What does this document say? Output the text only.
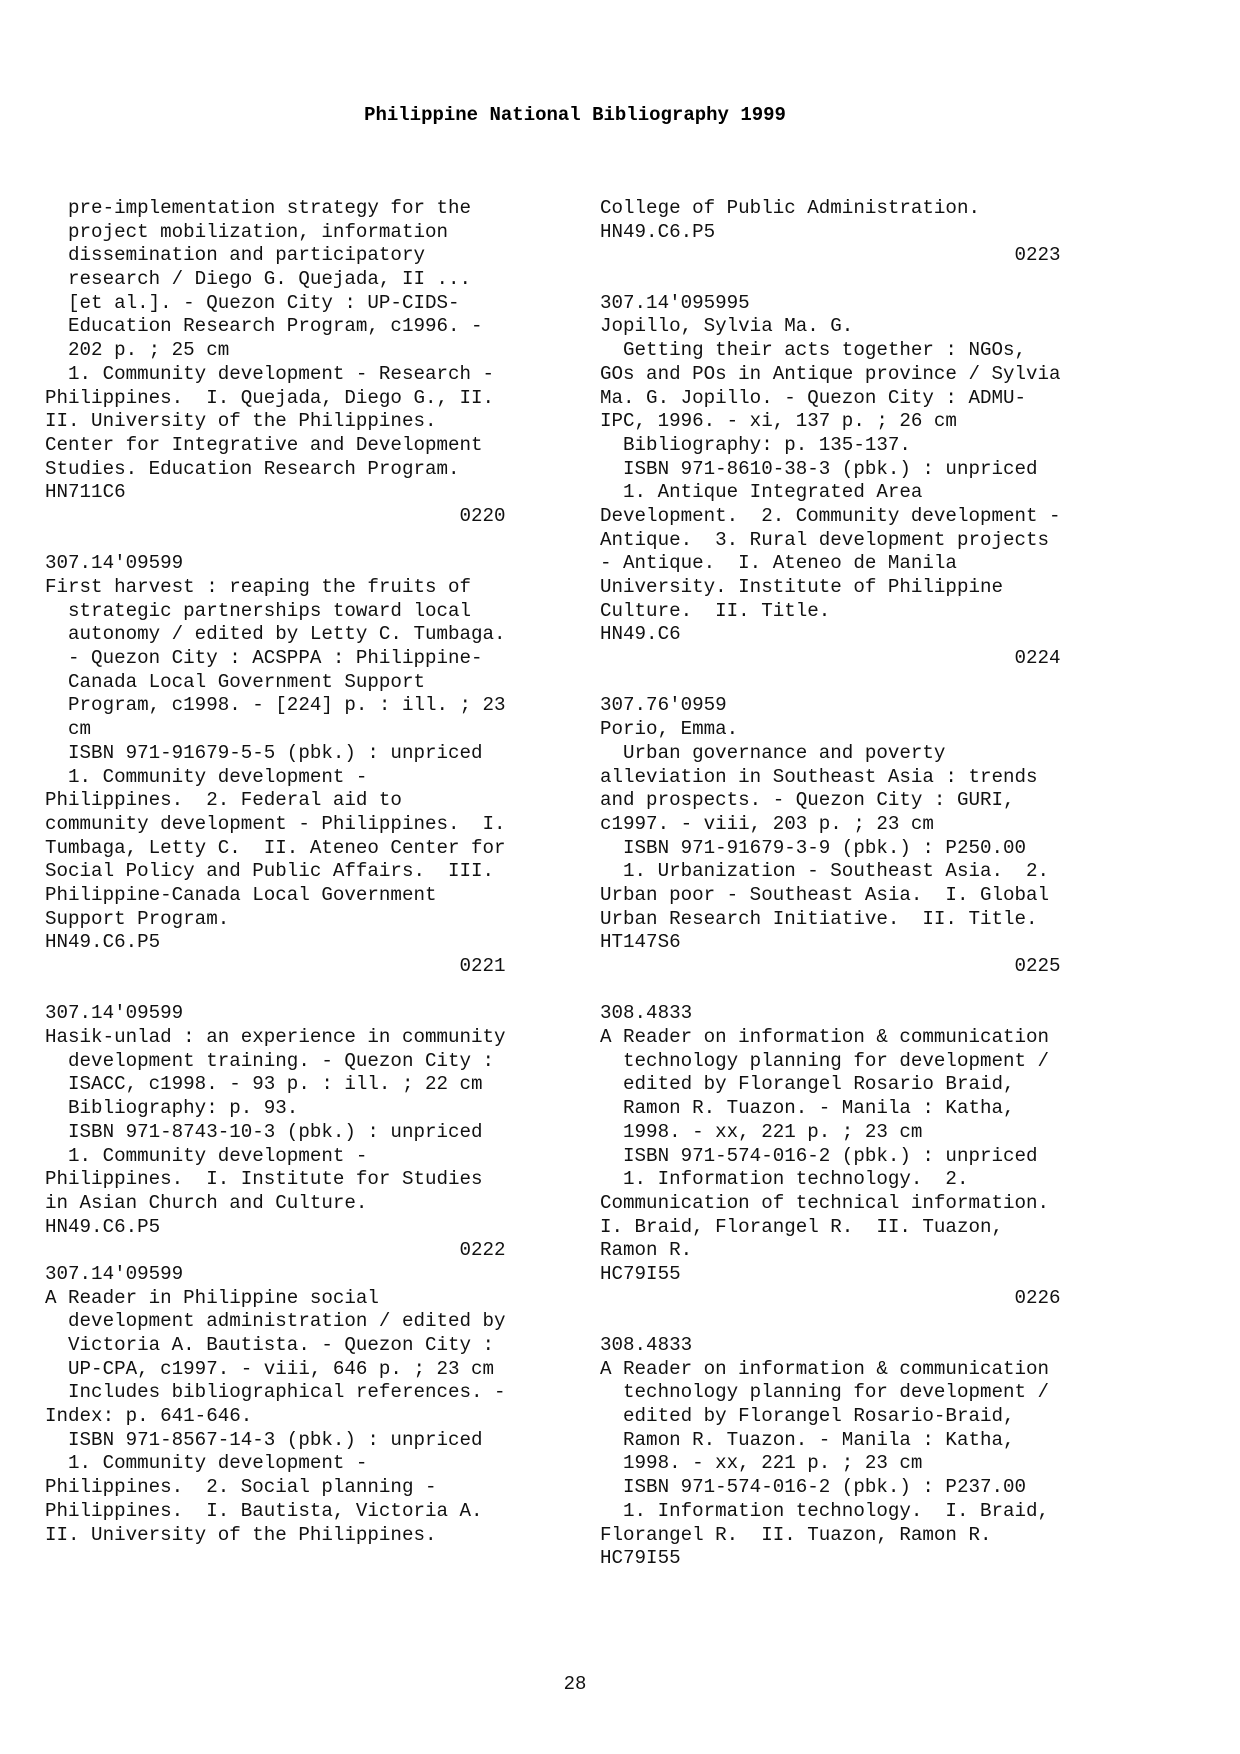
Philippine National Bibliography 1999
pre-implementation strategy for the
project mobilization, information
dissemination and participatory
research / Diego G. Quejada, II ...
[et al.]. - Quezon City : UP-CIDS-
Education Research Program, c1996. -
202 p. ; 25 cm
1. Community development - Research -
Philippines.  I. Quejada, Diego G., II.
II. University of the Philippines.
Center for Integrative and Development
Studies. Education Research Program.
HN711C6
0220
307.14'09599
First harvest : reaping the fruits of
strategic partnerships toward local
autonomy / edited by Letty C. Tumbaga.
- Quezon City : ACSPPA : Philippine-
Canada Local Government Support
Program, c1998. - [224] p. : ill. ; 23
cm
ISBN 971-91679-5-5 (pbk.) : unpriced
1. Community development -
Philippines.  2. Federal aid to
community development - Philippines.  I.
Tumbaga, Letty C.  II. Ateneo Center for
Social Policy and Public Affairs.  III.
Philippine-Canada Local Government
Support Program.
HN49.C6.P5
0221
307.14'09599
Hasik-unlad : an experience in community
development training. - Quezon City :
ISACC, c1998. - 93 p. : ill. ; 22 cm
Bibliography: p. 93.
ISBN 971-8743-10-3 (pbk.) : unpriced
1. Community development -
Philippines.  I. Institute for Studies
in Asian Church and Culture.
HN49.C6.P5
0222
307.14'09599
A Reader in Philippine social
development administration / edited by
Victoria A. Bautista. - Quezon City :
UP-CPA, c1997. - viii, 646 p. ; 23 cm
Includes bibliographical references. -
Index: p. 641-646.
ISBN 971-8567-14-3 (pbk.) : unpriced
1. Community development -
Philippines.  2. Social planning -
Philippines.  I. Bautista, Victoria A.
II. University of the Philippines.
College of Public Administration.
HN49.C6.P5
0223
307.14'095995
Jopillo, Sylvia Ma. G.
Getting their acts together : NGOs,
GOs and POs in Antique province / Sylvia
Ma. G. Jopillo. - Quezon City : ADMU-
IPC, 1996. - xi, 137 p. ; 26 cm
Bibliography: p. 135-137.
ISBN 971-8610-38-3 (pbk.) : unpriced
1. Antique Integrated Area
Development.  2. Community development -
Antique.  3. Rural development projects
- Antique.  I. Ateneo de Manila
University. Institute of Philippine
Culture.  II. Title.
HN49.C6
0224
307.76'0959
Porio, Emma.
Urban governance and poverty
alleviation in Southeast Asia : trends
and prospects. - Quezon City : GURI,
c1997. - viii, 203 p. ; 23 cm
ISBN 971-91679-3-9 (pbk.) : P250.00
1. Urbanization - Southeast Asia.  2.
Urban poor - Southeast Asia.  I. Global
Urban Research Initiative.  II. Title.
HT147S6
0225
308.4833
A Reader on information & communication
technology planning for development /
edited by Florangel Rosario Braid,
Ramon R. Tuazon. - Manila : Katha,
1998. - xx, 221 p. ; 23 cm
ISBN 971-574-016-2 (pbk.) : unpriced
1. Information technology.  2.
Communication of technical information.
I. Braid, Florangel R.  II. Tuazon,
Ramon R.
HC79I55
0226
308.4833
A Reader on information & communication
technology planning for development /
edited by Florangel Rosario-Braid,
Ramon R. Tuazon. - Manila : Katha,
1998. - xx, 221 p. ; 23 cm
ISBN 971-574-016-2 (pbk.) : P237.00
1. Information technology.  I. Braid,
Florangel R.  II. Tuazon, Ramon R.
HC79I55
28
